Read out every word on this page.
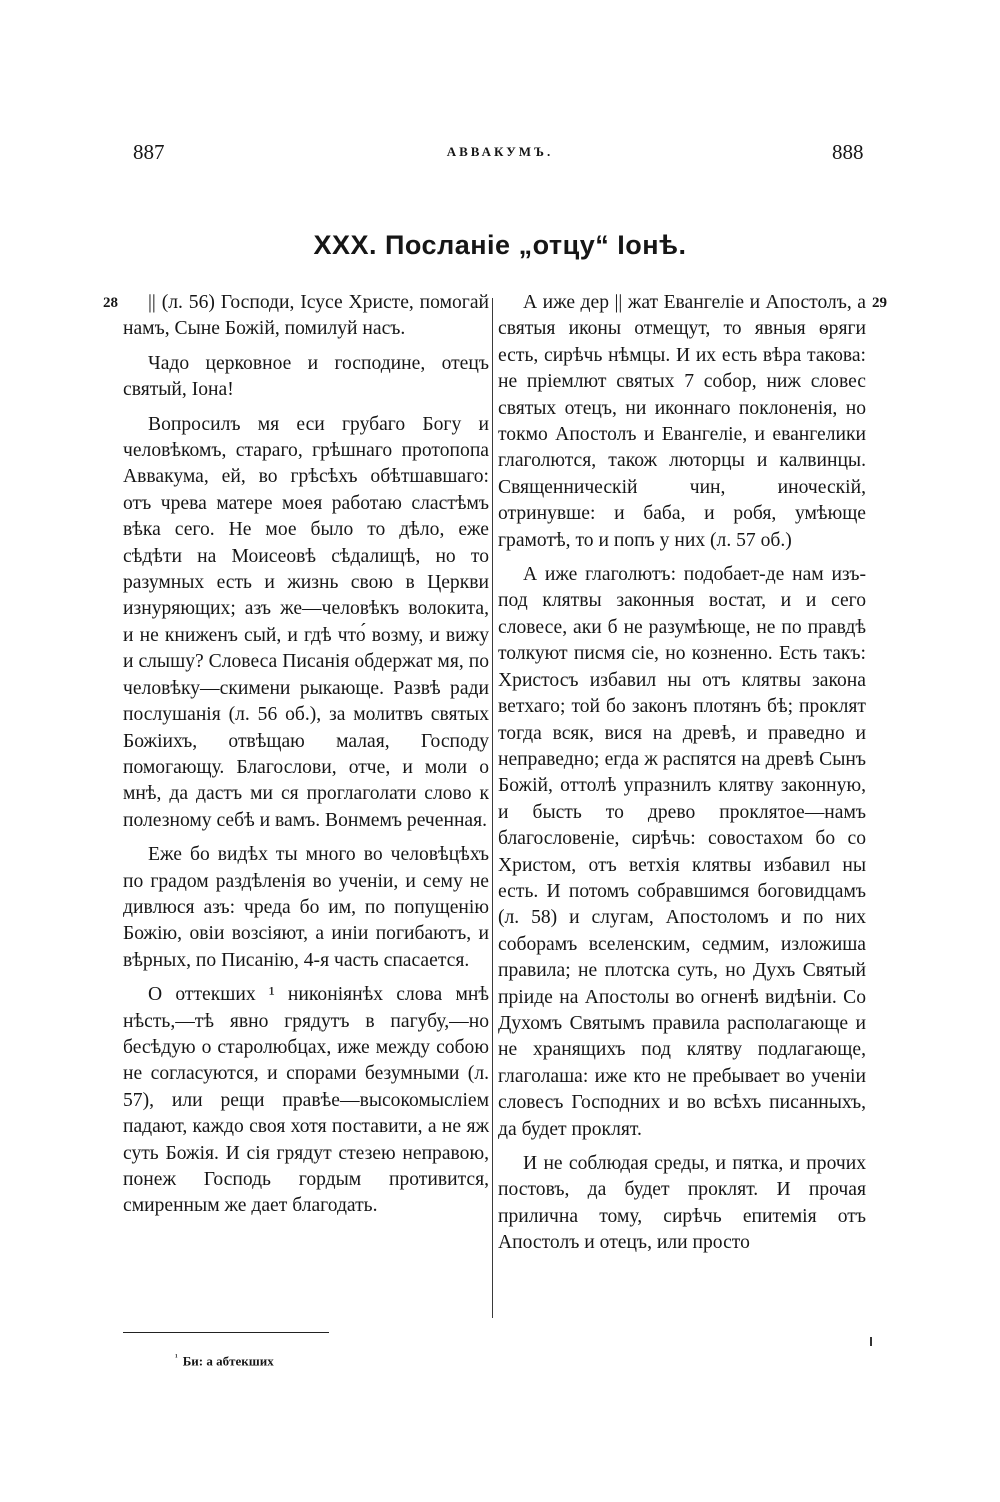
887	АВВАКУМЪ.	888
XXX. Посланіе „отцу“ Іонѣ.
28	29

|| (л. 56) Господи, Ісусе Христе, помогай намъ, Сыне Божій, помилуй насъ.

Чадо церковное и господине, отецъ святый, Іона!

Вопросилъ мя еси грубаго Богу и человѣкомъ, стараго, грѣшнаго протопопа Аввакума, ей, во грѣсѣхъ обѣтшавшаго: отъ чрева матере моея работаю сластѣмъ вѣка сего. Не мое было то дѣло, еже сѣдѣти на Моисеовѣ сѣдалищѣ, но то разумных есть и жизнь свою в Церкви изнуряющих; азъ же—человѣкъ волокита, и не книженъ сый, и гдѣ что́ возму, и вижу и слышу? Словеса Писанія обдержат мя, по человѣку—скимени рыкающе. Развѣ ради послушанія (л. 56 об.), за молитвъ святых Божіихъ, отвѣщаю малая, Господу помогающу. Благослови, отче, и моли о мнѣ, да дастъ ми ся проглаголати слово к полезному себѣ и вамъ. Вонмемъ реченная.

Еже бо видѣх ты много во человѣцѣхъ по градом раздѣленія во ученіи, и сему не дивлюся азъ: чреда бо им, по попущенію Божію, овіи возсіяют, а иніи погибаютъ, и вѣрных, по Писанію, 4-я часть спасается.

О оттекших ¹ никоніянѣх слова мнѣ нѣсть,—тѣ явно грядутъ в пагубу,—но бесѣдую о старолюбцах, иже между собою не согласуются, и спорами безумными (л. 57), или рещи правѣе—высокомысліем падают, каждо своя хотя поставити, а не яж суть Божія. И сія грядут стезею неправою, понеж Господь гордым противится, смиренным же дает благодать.

А иже дер || жат Евангеліе и Апостолъ, а святыя иконы отмещут, то явныя ѳряги есть, сирѣчь нѣмцы. И их есть вѣра такова: не пріемлют святых 7 собор, ниж словес святых отецъ, ни иконнаго поклоненія, но токмо Апостолъ и Евангеліе, и евангелики глаголются, також люторцы и калвинцы. Священническій чин, иноческій, отринувше: и баба, и робя, умѣюще грамотѣ, то и попъ у них (л. 57 об.)

А иже глаголютъ: подобает-де нам изъ-под клятвы законныя востат, и и сего словесе, аки б не разумѣюще, не по правдѣ толкуют писмя сіе, но козненно. Есть такъ: Христосъ избавил ны отъ клятвы закона ветхаго; той бо законъ плотянъ бѣ; проклят тогда всяк, вися на древѣ, и праведно и неправедно; егда ж распятся на древѣ Сынъ Божій, оттолѣ упразнилъ клятву законную, и бысть то древо проклятое—намъ благословеніе, сирѣчь: совостахом бо со Христом, отъ ветхія клятвы избавил ны есть. И потомъ собравшимся боговидцамъ (л. 58) и слугам, Апостоломъ и по них соборамъ вселенским, седмим, изложиша правила; не плотска суть, но Духъ Святый пріиде на Апостолы во огненѣ видѣніи. Со Духомъ Святымъ правила располагающе и не хранящихъ под клятву подлагающе, глаголаша: иже кто не пребывает во ученіи словесъ Господних и во всѣхъ писанныхъ, да будет проклят.

И не соблюдая среды, и пятка, и прочих постовъ, да будет проклят. И прочая прилична тому, сирѣчь епитемія отъ Апостолъ и отецъ, или просто

$^{^1}$ Би: а абтекших
